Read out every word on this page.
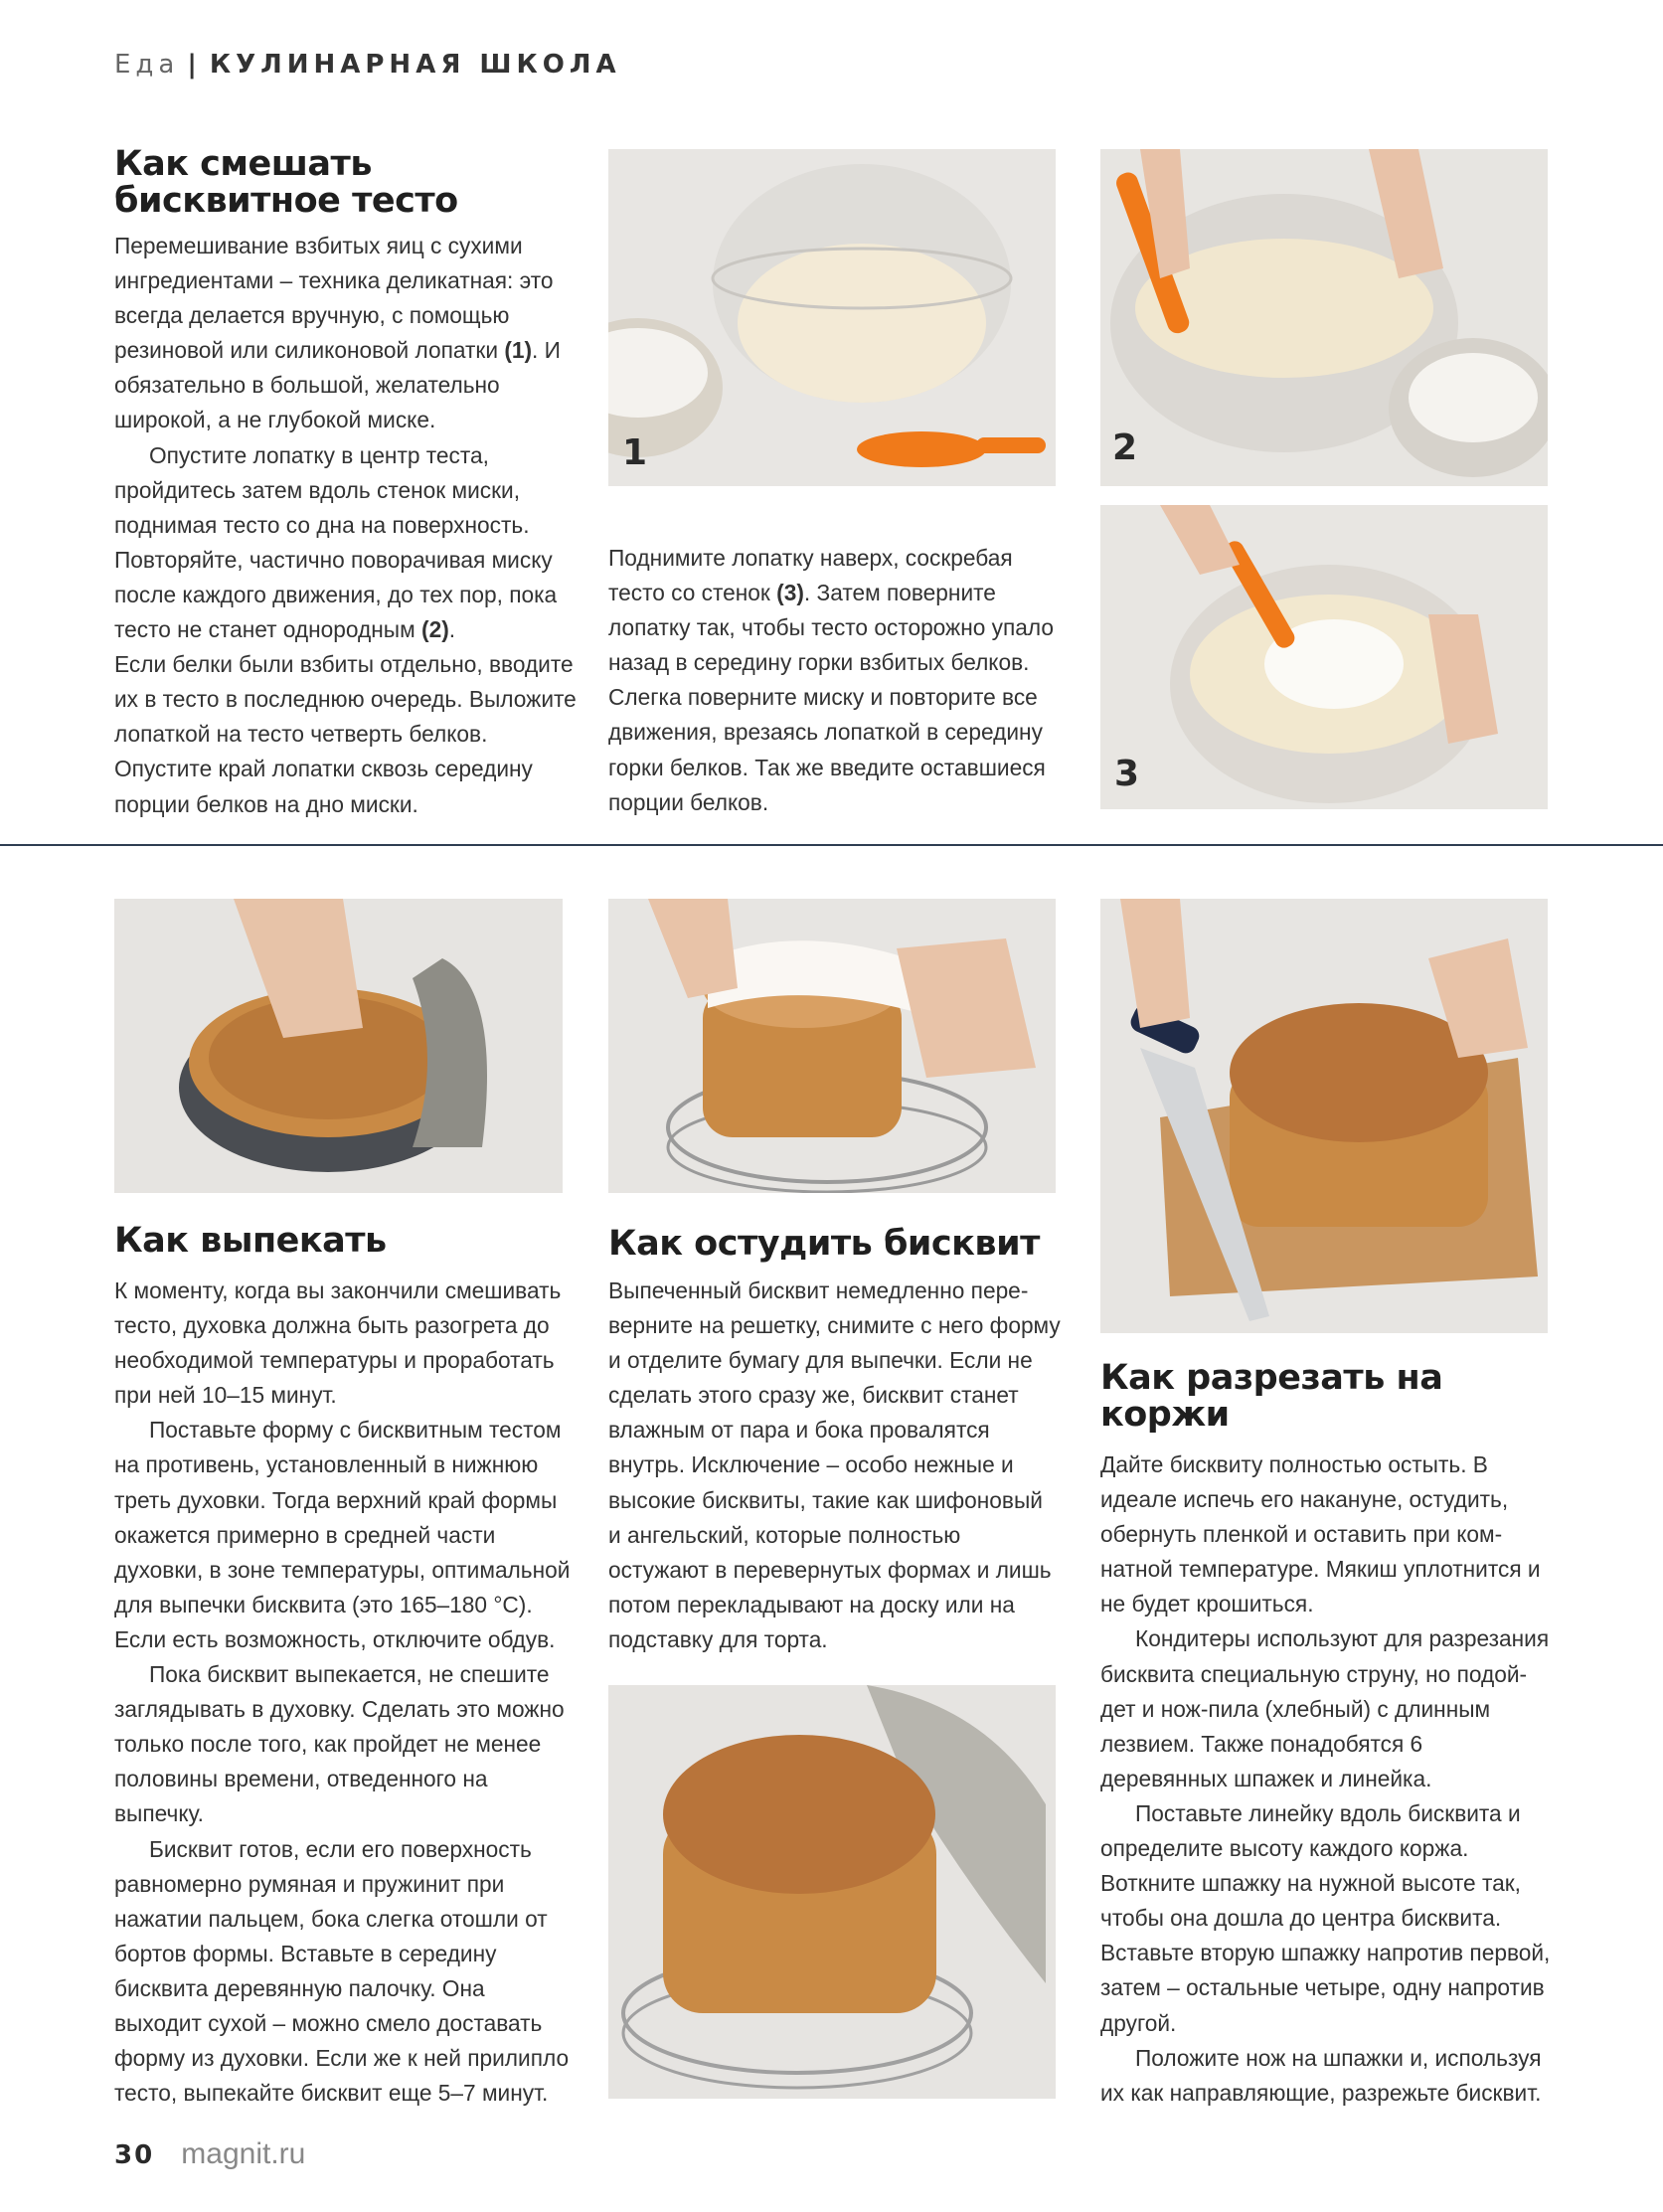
Еда | КУЛИНАРНАЯ ШКОЛА
Как смешать бисквитное тесто

Перемешивание взбитых яиц с сухими ингредиентами – техника деликатная: это всегда делается вручную, с помощью резиновой или силиконовой лопатки (1). И обязательно в большой, желательно широкой, а не глубокой миске.

Опустите лопатку в центр теста, пройдитесь затем вдоль стенок миски, поднимая тесто со дна на поверхность. Повторяйте, частично поворачивая миску после каждого движения, до тех пор, пока тесто не станет однородным (2).

Если белки были взбиты отдельно, вводите их в тесто в последнюю очередь. Выложите лопаткой на тесто четверть белков. Опустите край лопатки сквозь середину порции белков на дно миски.

Поднимите лопатку наверх, соскребая тесто со стенок (3). Затем поверните лопатку так, чтобы тесто осторожно упало назад в середину горки взбитых белков. Слегка поверните миску и повторите все движения, врезаясь лопаткой в середину горки белков. Так же введите оставшиеся порции белков.

1	2
3
Как выпекать

К моменту, когда вы закончили смешивать тесто, духовка должна быть разогрета до необходимой температуры и проработать при ней 10–15 минут.

Поставьте форму с бисквитным тестом на противень, установленный в нижнюю треть духовки. Тогда верхний край формы окажется примерно в средней части духовки, в зоне температуры, оптимальной для выпечки бисквита (это 165–180 °С). Если есть возможность, отключите обдув.

Пока бисквит выпекается, не спешите заглядывать в духовку. Сделать это можно только после того, как пройдет не менее половины времени, отведенного на выпечку.

Бисквит готов, если его поверхность равномерно румяная и пружинит при нажатии пальцем, бока слегка отошли от бортов формы. Вставьте в середину бисквита деревянную палочку. Она выходит сухой – можно смело доставать форму из духовки. Если же к ней прилипло тесто, выпекайте бисквит еще 5–7 минут.

Как остудить бисквит

Выпеченный бисквит немедленно переверните на решетку, снимите с него форму и отделите бумагу для выпечки. Если не сделать этого сразу же, бисквит станет влажным от пара и бока провалятся внутрь. Исключение – особо нежные и высокие бисквиты, такие как шифоновый и ангельский, которые полностью остужают в перевернутых формах и лишь потом перекладывают на доску или на подставку для торта.

Как разрезать на коржи

Дайте бисквиту полностью остыть. В идеале испечь его накануне, остудить, обернуть пленкой и оставить при комнатной температуре. Мякиш уплотнится и не будет крошиться.

Кондитеры используют для разрезания бисквита специальную струну, но подойдет и нож-пила (хлебный) с длинным лезвием. Также понадобятся 6 деревянных шпажек и линейка.

Поставьте линейку вдоль бисквита и определите высоту каждого коржа. Воткните шпажку на нужной высоте так, чтобы она дошла до центра бисквита. Вставьте вторую шпажку напротив первой, затем – остальные четыре, одну напротив другой.

Положите нож на шпажки и, используя их как направляющие, разрежьте бисквит.

30 magnit.ru
